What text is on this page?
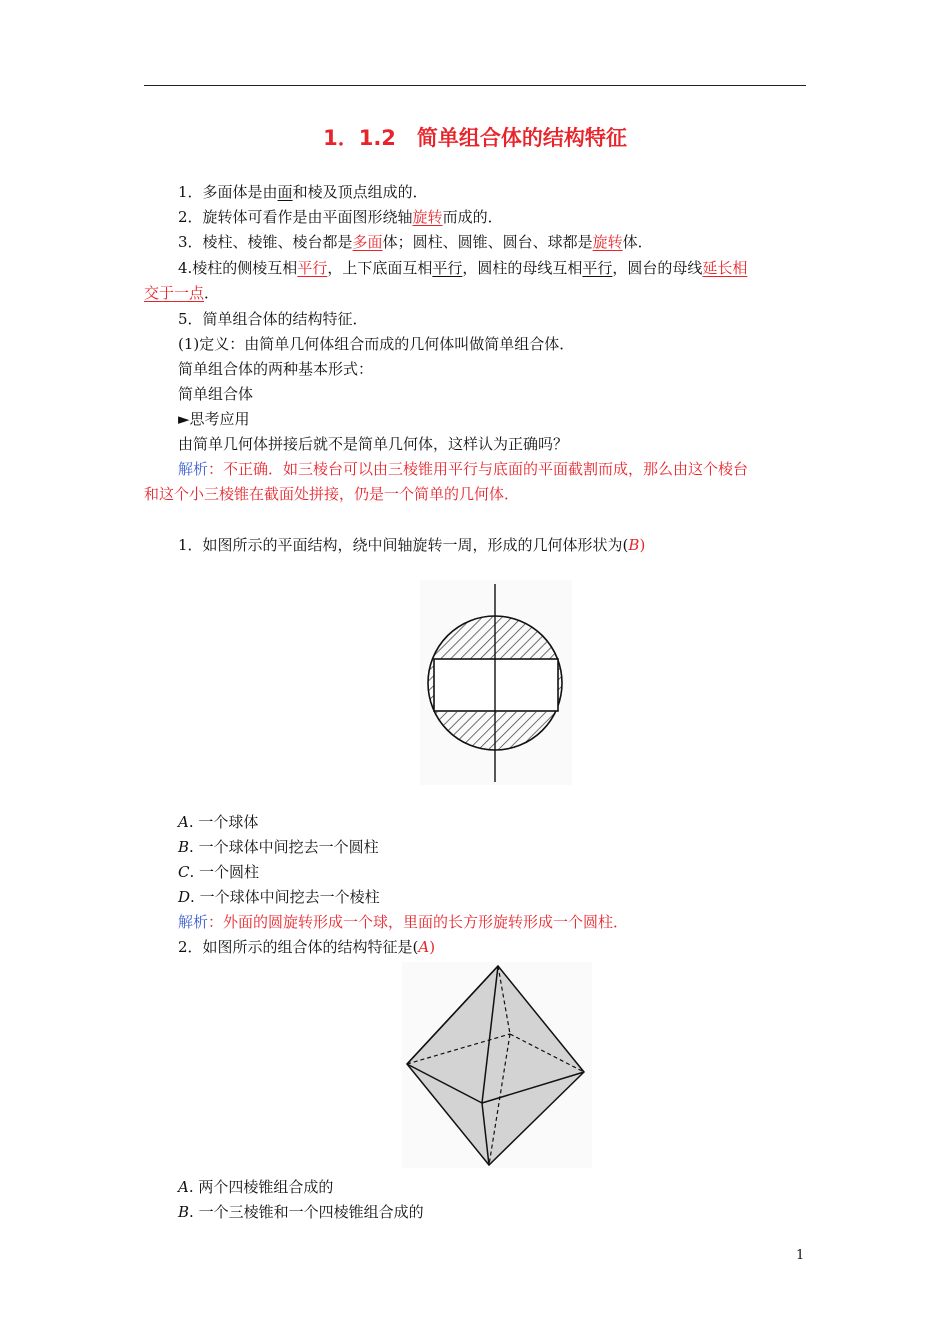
1．1.2　简单组合体的结构特征
1．多面体是由面和棱及顶点组成的．
2．旋转体可看作是由平面图形绕轴旋转而成的．
3．棱柱、棱锥、棱台都是多面体；圆柱、圆锥、圆台、球都是旋转体．
4.棱柱的侧棱互相平行，上下底面互相平行，圆柱的母线互相平行，圆台的母线延长相
交于一点．
5．简单组合体的结构特征．
(1)定义：由简单几何体组合而成的几何体叫做简单组合体．
简单组合体的两种基本形式：
简单组合体
►思考应用
由简单几何体拼接后就不是简单几何体，这样认为正确吗？
解析：不正确．如三棱台可以由三棱锥用平行与底面的平面截割而成，那么由这个棱台
和这个小三棱锥在截面处拼接，仍是一个简单的几何体．
1．如图所示的平面结构，绕中间轴旋转一周，形成的几何体形状为(B)
A. 一个球体
B. 一个球体中间挖去一个圆柱
C. 一个圆柱
D. 一个球体中间挖去一个棱柱
解析：外面的圆旋转形成一个球，里面的长方形旋转形成一个圆柱．
2．如图所示的组合体的结构特征是(A)
A. 两个四棱锥组合成的
B. 一个三棱锥和一个四棱锥组合成的
1
